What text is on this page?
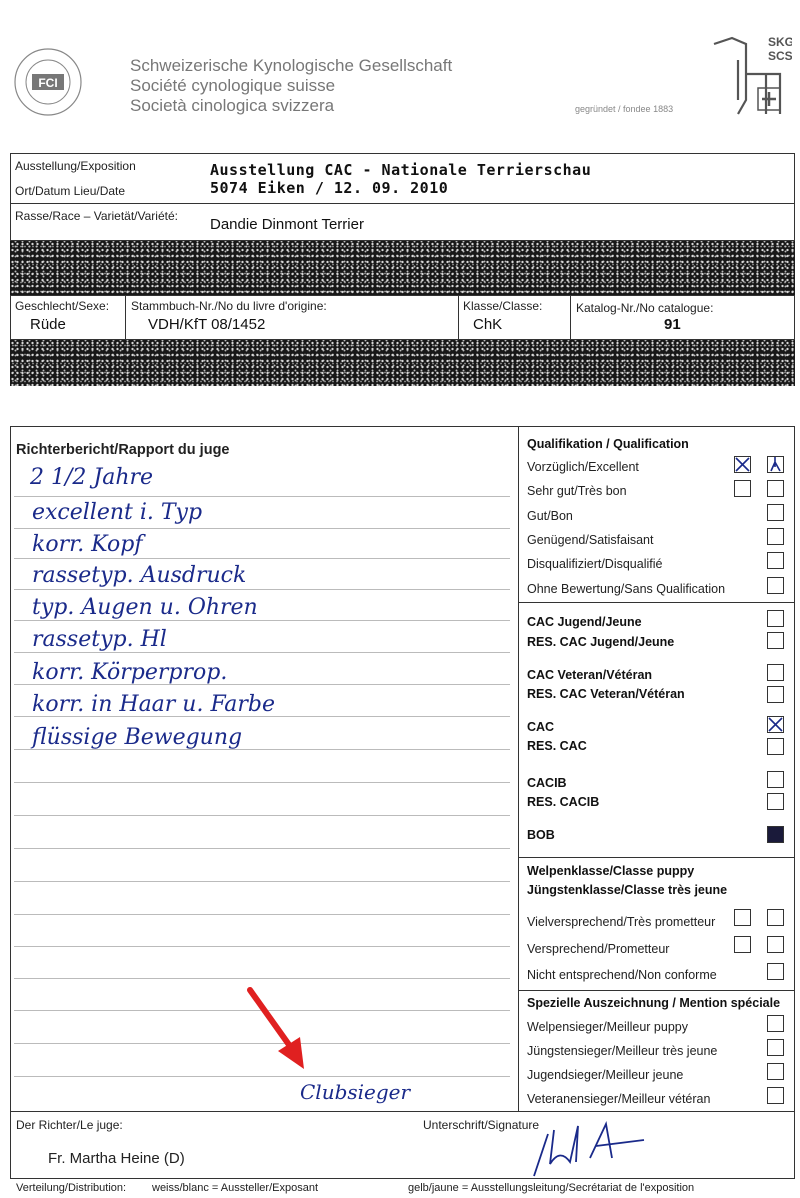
FCI
Schweizerische Kynologische Gesellschaft
Société cynologique suisse
Società cinologica svizzera	gegründet / fondee 1883
SKG
SCS
Ausstellung/Exposition
Ort/Datum Lieu/Date
Ausstellung CAC - Nationale Terrierschau
5074 Eiken / 12. 09. 2010
Rasse/Race – Varietät/Variété: Dandie Dinmont Terrier
Geschlecht/Sexe:
Rüde
Stammbuch-Nr./No du livre d'origine:
VDH/KfT 08/1452
Klasse/Classe:
ChK
Katalog-Nr./No catalogue:
91
Richterbericht/Rapport du juge
2 1/2 Jahre
excellent i. Typ
korr. Kopf
rassetyp. Ausdruck
typ. Augen u. Ohren
rassetyp. Hl
korr. Körperprop.
korr. in Haar u. Farbe
flüssige Bewegung
Clubsieger
Qualifikation / Qualification
Vorzüglich/Excellent
Sehr gut/Très bon
Gut/Bon
Genügend/Satisfaisant
Disqualifiziert/Disqualifié
Ohne Bewertung/Sans Qualification
CAC Jugend/Jeune
RES. CAC Jugend/Jeune
CAC Veteran/Vétéran
RES. CAC Veteran/Vétéran
CAC
RES. CAC
CACIB
RES. CACIB
BOB
Welpenklasse/Classe puppy
Jüngstenklasse/Classe très jeune
Vielversprechend/Très prometteur
Versprechend/Prometteur
Nicht entsprechend/Non conforme
Spezielle Auszeichnung / Mention spéciale
Welpensieger/Meilleur puppy
Jüngstensieger/Meilleur très jeune
Jugendsieger/Meilleur jeune
Veteranensieger/Meilleur vétéran
Der Richter/Le juge:
Fr. Martha Heine (D)
Unterschrift/Signature
Verteilung/Distribution: weiss/blanc = Aussteller/Exposant	gelb/jaune = Ausstellungsleitung/Secrétariat de l'exposition
